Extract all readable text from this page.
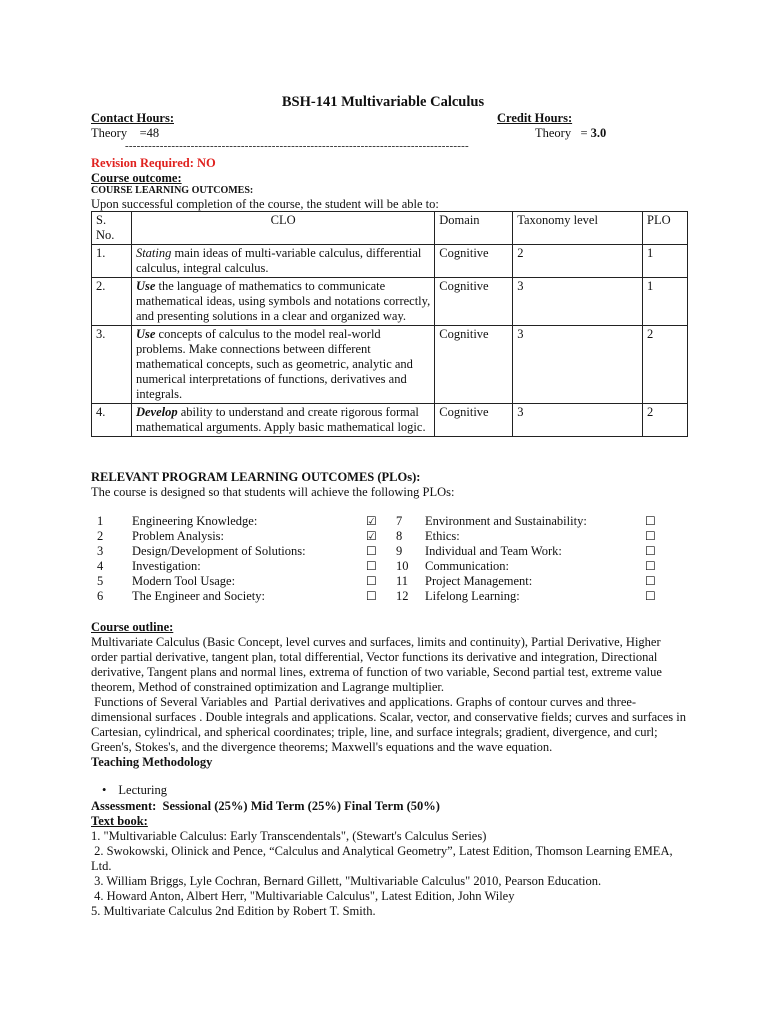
BSH-141 Multivariable Calculus
Contact Hours:	Credit Hours:
Theory    =48	Theory   = 3.0
-----------------------------------------------------------------------------------------
Revision Required: NO
Course outcome:
COURSE LEARNING OUTCOMES:
Upon successful completion of the course, the student will be able to:
S. No.	CLO	Domain	Taxonomy level	PLO
1.	Stating main ideas of multi-variable calculus, differential calculus, integral calculus.	Cognitive	2	1
2.	Use the language of mathematics to communicate mathematical ideas, using symbols and notations correctly, and presenting solutions in a clear and organized way.	Cognitive	3	1
3.	Use concepts of calculus to the model real-world problems. Make connections between different mathematical concepts, such as geometric, analytic and numerical interpretations of functions, derivatives and integrals.	Cognitive	3	2
4.	Develop ability to understand and create rigorous formal mathematical arguments. Apply basic mathematical logic.	Cognitive	3	2
RELEVANT PROGRAM LEARNING OUTCOMES (PLOs):
The course is designed so that students will achieve the following PLOs:
1	Engineering Knowledge:	☑	7	Environment and Sustainability:	☐
2	Problem Analysis:	☑	8	Ethics:	☐
3	Design/Development of Solutions:	☐	9	Individual and Team Work:	☐
4	Investigation:	☐	10	Communication:	☐
5	Modern Tool Usage:	☐	11	Project Management:	☐
6	The Engineer and Society:	☐	12	Lifelong Learning:	☐
Course outline:
Multivariate Calculus (Basic Concept, level curves and surfaces, limits and continuity), Partial Derivative, Higher order partial derivative, tangent plan, total differential, Vector functions its derivative and integration, Directional derivative, Tangent plans and normal lines, extrema of function of two variable, Second partial test, extreme value theorem, Method of constrained optimization and Lagrange multiplier.
Functions of Several Variables and  Partial derivatives and applications. Graphs of contour curves and three-dimensional surfaces . Double integrals and applications. Scalar, vector, and conservative fields; curves and surfaces in Cartesian, cylindrical, and spherical coordinates; triple, line, and surface integrals; gradient, divergence, and curl; Green's, Stokes's, and the divergence theorems; Maxwell's equations and the wave equation.
Teaching Methodology
• Lecturing
Assessment:  Sessional (25%) Mid Term (25%) Final Term (50%)
Text book:
1. "Multivariable Calculus: Early Transcendentals", (Stewart's Calculus Series)
2. Swokowski, Olinick and Pence, “Calculus and Analytical Geometry”, Latest Edition, Thomson Learning EMEA, Ltd.
3. William Briggs, Lyle Cochran, Bernard Gillett, "Multivariable Calculus" 2010, Pearson Education.
4. Howard Anton, Albert Herr, "Multivariable Calculus", Latest Edition, John Wiley
5. Multivariate Calculus 2nd Edition by Robert T. Smith.
